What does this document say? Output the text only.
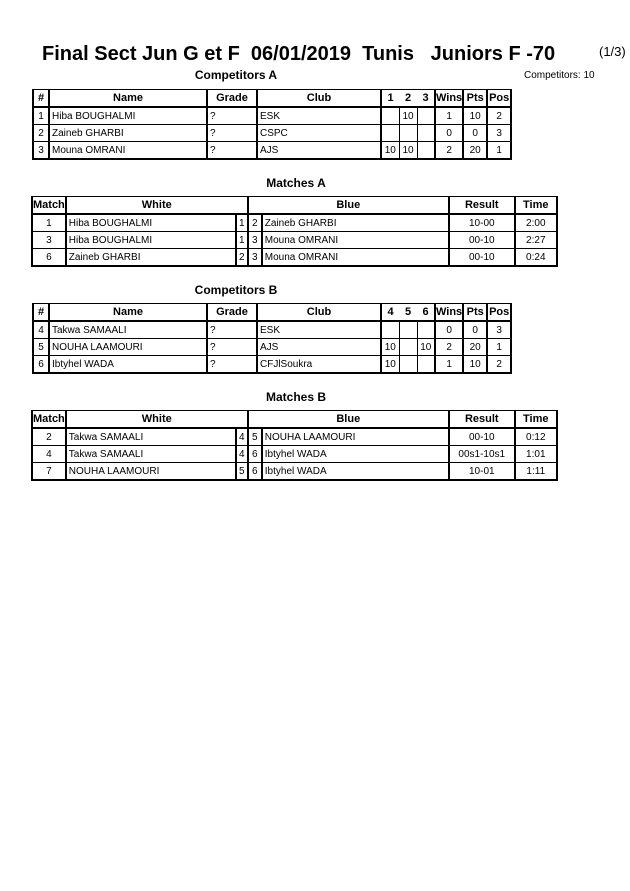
Final Sect Jun G et F  06/01/2019  Tunis   Juniors F -70	(1/3)
Competitors: 10
Competitors A
#	Name	Grade	Club	1	2	3	Wins	Pts	Pos
1	Hiba BOUGHALMI	?	ESK		10		1	10	2
2	Zaineb GHARBI	?	CSPC				0	0	3
3	Mouna OMRANI	?	AJS	10	10		2	20	1
Matches A
Match	White		Blue		Result	Time
1	Hiba BOUGHALMI	1	2	Zaineb GHARBI	10-00	2:00
3	Hiba BOUGHALMI	1	3	Mouna OMRANI	00-10	2:27
6	Zaineb GHARBI	2	3	Mouna OMRANI	00-10	0:24
Competitors B
#	Name	Grade	Club	4	5	6	Wins	Pts	Pos
4	Takwa SAMAALI	?	ESK				0	0	3
5	NOUHA LAAMOURI	?	AJS	10		10	2	20	1
6	Ibtyhel WADA	?	CFJlSoukra	10			1	10	2
Matches B
Match	White		Blue		Result	Time
2	Takwa SAMAALI	4	5	NOUHA LAAMOURI	00-10	0:12
4	Takwa SAMAALI	4	6	Ibtyhel WADA	00s1-10s1	1:01
7	NOUHA LAAMOURI	5	6	Ibtyhel WADA	10-01	1:11
